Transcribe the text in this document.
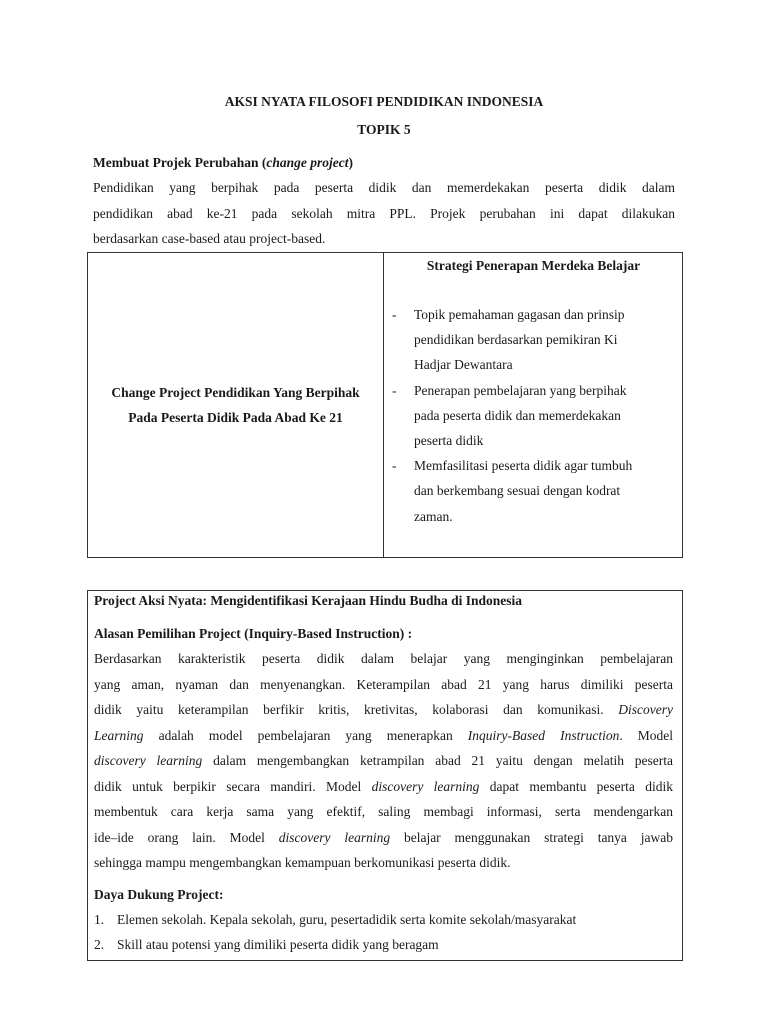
AKSI NYATA FILOSOFI PENDIDIKAN INDONESIA
TOPIK 5
Membuat Projek Perubahan (change project)
Pendidikan yang berpihak pada peserta didik dan memerdekakan peserta didik dalam
pendidikan abad ke-21 pada sekolah mitra PPL. Projek perubahan ini dapat dilakukan
berdasarkan case-based atau project-based.
Change Project Pendidikan Yang Berpihak
Pada Peserta Didik Pada Abad Ke 21
Strategi Penerapan Merdeka Belajar
- Topik pemahaman gagasan dan prinsip
pendidikan berdasarkan pemikiran Ki
Hadjar Dewantara
- Penerapan pembelajaran yang berpihak
pada peserta didik dan memerdekakan
peserta didik
- Memfasilitasi peserta didik agar tumbuh
dan berkembang sesuai dengan kodrat
zaman.
Project Aksi Nyata: Mengidentifikasi Kerajaan Hindu Budha di Indonesia
Alasan Pemilihan Project (Inquiry-Based Instruction) :
Berdasarkan karakteristik peserta didik dalam belajar yang menginginkan pembelajaran
yang aman, nyaman dan menyenangkan. Keterampilan abad 21 yang harus dimiliki peserta
didik yaitu keterampilan berfikir kritis, kretivitas, kolaborasi dan komunikasi. Discovery
Learning adalah model pembelajaran yang menerapkan Inquiry-Based Instruction. Model
discovery learning dalam mengembangkan ketrampilan abad 21 yaitu dengan melatih peserta
didik untuk berpikir secara mandiri. Model discovery learning dapat membantu peserta didik
membentuk cara kerja sama yang efektif, saling membagi informasi, serta mendengarkan
ide–ide orang lain. Model discovery learning belajar menggunakan strategi tanya jawab
sehingga mampu mengembangkan kemampuan berkomunikasi peserta didik.
Daya Dukung Project:
1. Elemen sekolah. Kepala sekolah, guru, pesertadidik serta komite sekolah/masyarakat
2. Skill atau potensi yang dimiliki peserta didik yang beragam
